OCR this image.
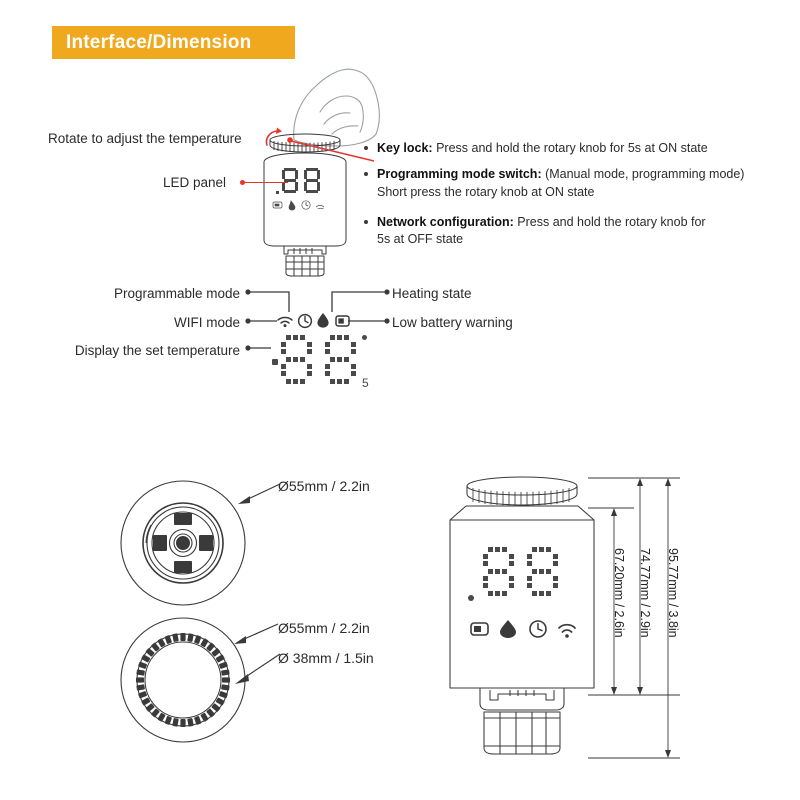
Interface/Dimension
Rotate to adjust the temperature
LED panel
Key lock: Press and hold the rotary knob for 5s at ON state
Programming mode switch: (Manual mode, programming mode) Short press the rotary knob at ON state
Network configuration: Press and hold the rotary knob for 5s at OFF state
Programmable mode
WIFI mode
Display the set temperature
Heating state
Low battery warning
5
Ø55mm / 2.2in
Ø55mm / 2.2in
Ø 38mm / 1.5in
67.20mm / 2.6in 74.77mm / 2.9in 95.77mm / 3.8in
